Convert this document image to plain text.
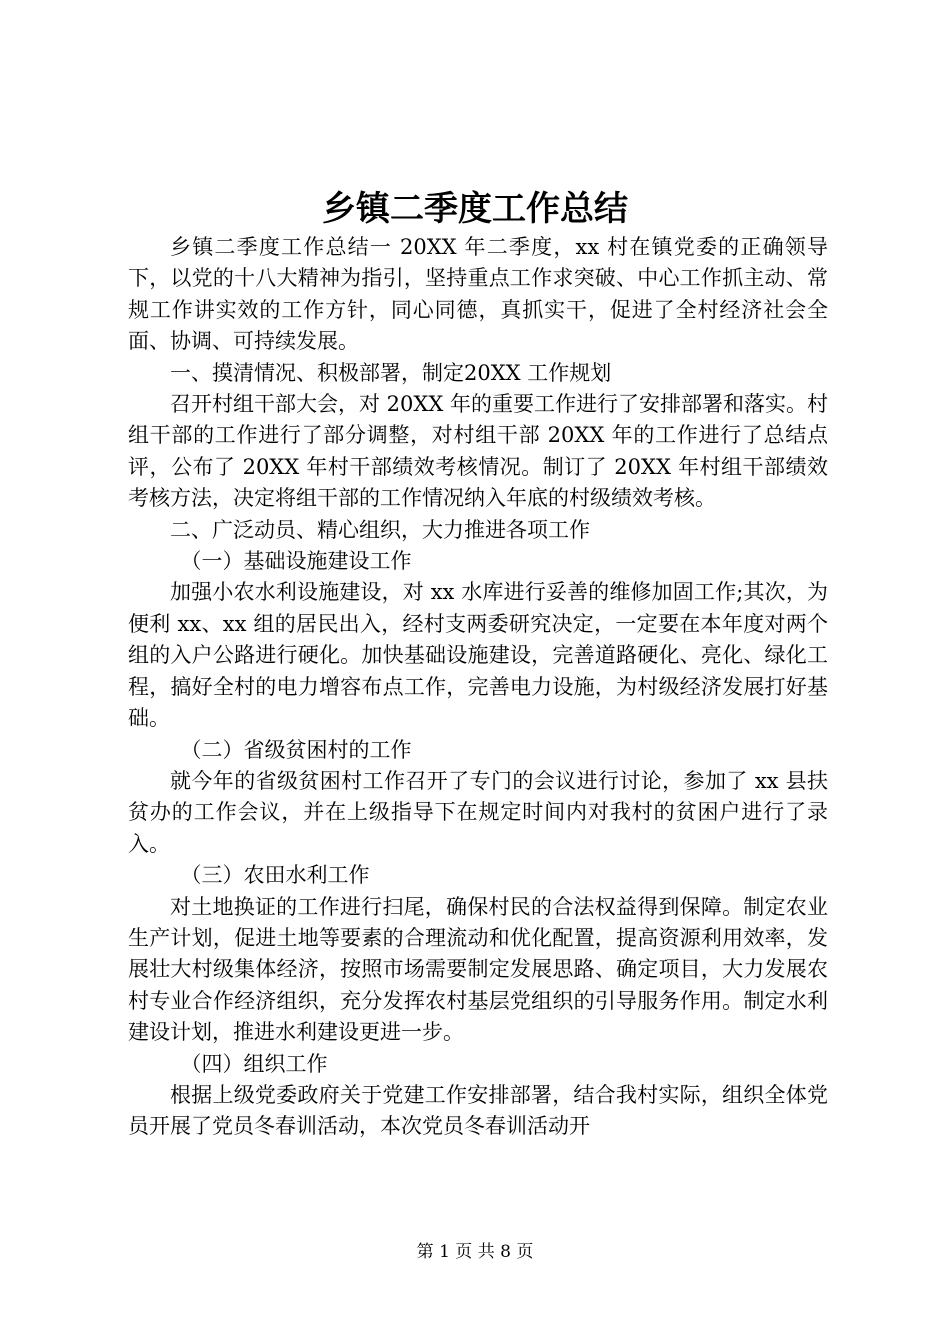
乡镇二季度工作总结

乡镇二季度工作总结一 20XX 年二季度，xx 村在镇党委的正确领导下，以党的十八大精神为指引，坚持重点工作求突破、中心工作抓主动、常规工作讲实效的工作方针，同心同德，真抓实干，促进了全村经济社会全面、协调、可持续发展。

一、摸清情况、积极部署，制定20XX 工作规划

召开村组干部大会，对 20XX 年的重要工作进行了安排部署和落实。村组干部的工作进行了部分调整，对村组干部 20XX 年的工作进行了总结点评，公布了 20XX 年村干部绩效考核情况。制订了 20XX 年村组干部绩效考核方法，决定将组干部的工作情况纳入年底的村级绩效考核。

二、广泛动员、精心组织，大力推进各项工作

（一）基础设施建设工作

加强小农水利设施建设，对 xx 水库进行妥善的维修加固工作;其次，为便利 xx、xx 组的居民出入，经村支两委研究决定，一定要在本年度对两个组的入户公路进行硬化。加快基础设施建设，完善道路硬化、亮化、绿化工程，搞好全村的电力增容布点工作，完善电力设施，为村级经济发展打好基础。

（二）省级贫困村的工作

就今年的省级贫困村工作召开了专门的会议进行讨论，参加了 xx 县扶贫办的工作会议，并在上级指导下在规定时间内对我村的贫困户进行了录入。

（三）农田水利工作

对土地换证的工作进行扫尾，确保村民的合法权益得到保障。制定农业生产计划，促进土地等要素的合理流动和优化配置，提高资源利用效率，发展壮大村级集体经济，按照市场需要制定发展思路、确定项目，大力发展农村专业合作经济组织，充分发挥农村基层党组织的引导服务作用。制定水利建设计划，推进水利建设更进一步。

（四）组织工作

根据上级党委政府关于党建工作安排部署，结合我村实际，组织全体党员开展了党员冬春训活动，本次党员冬春训活动开

第 1 页 共 8 页
